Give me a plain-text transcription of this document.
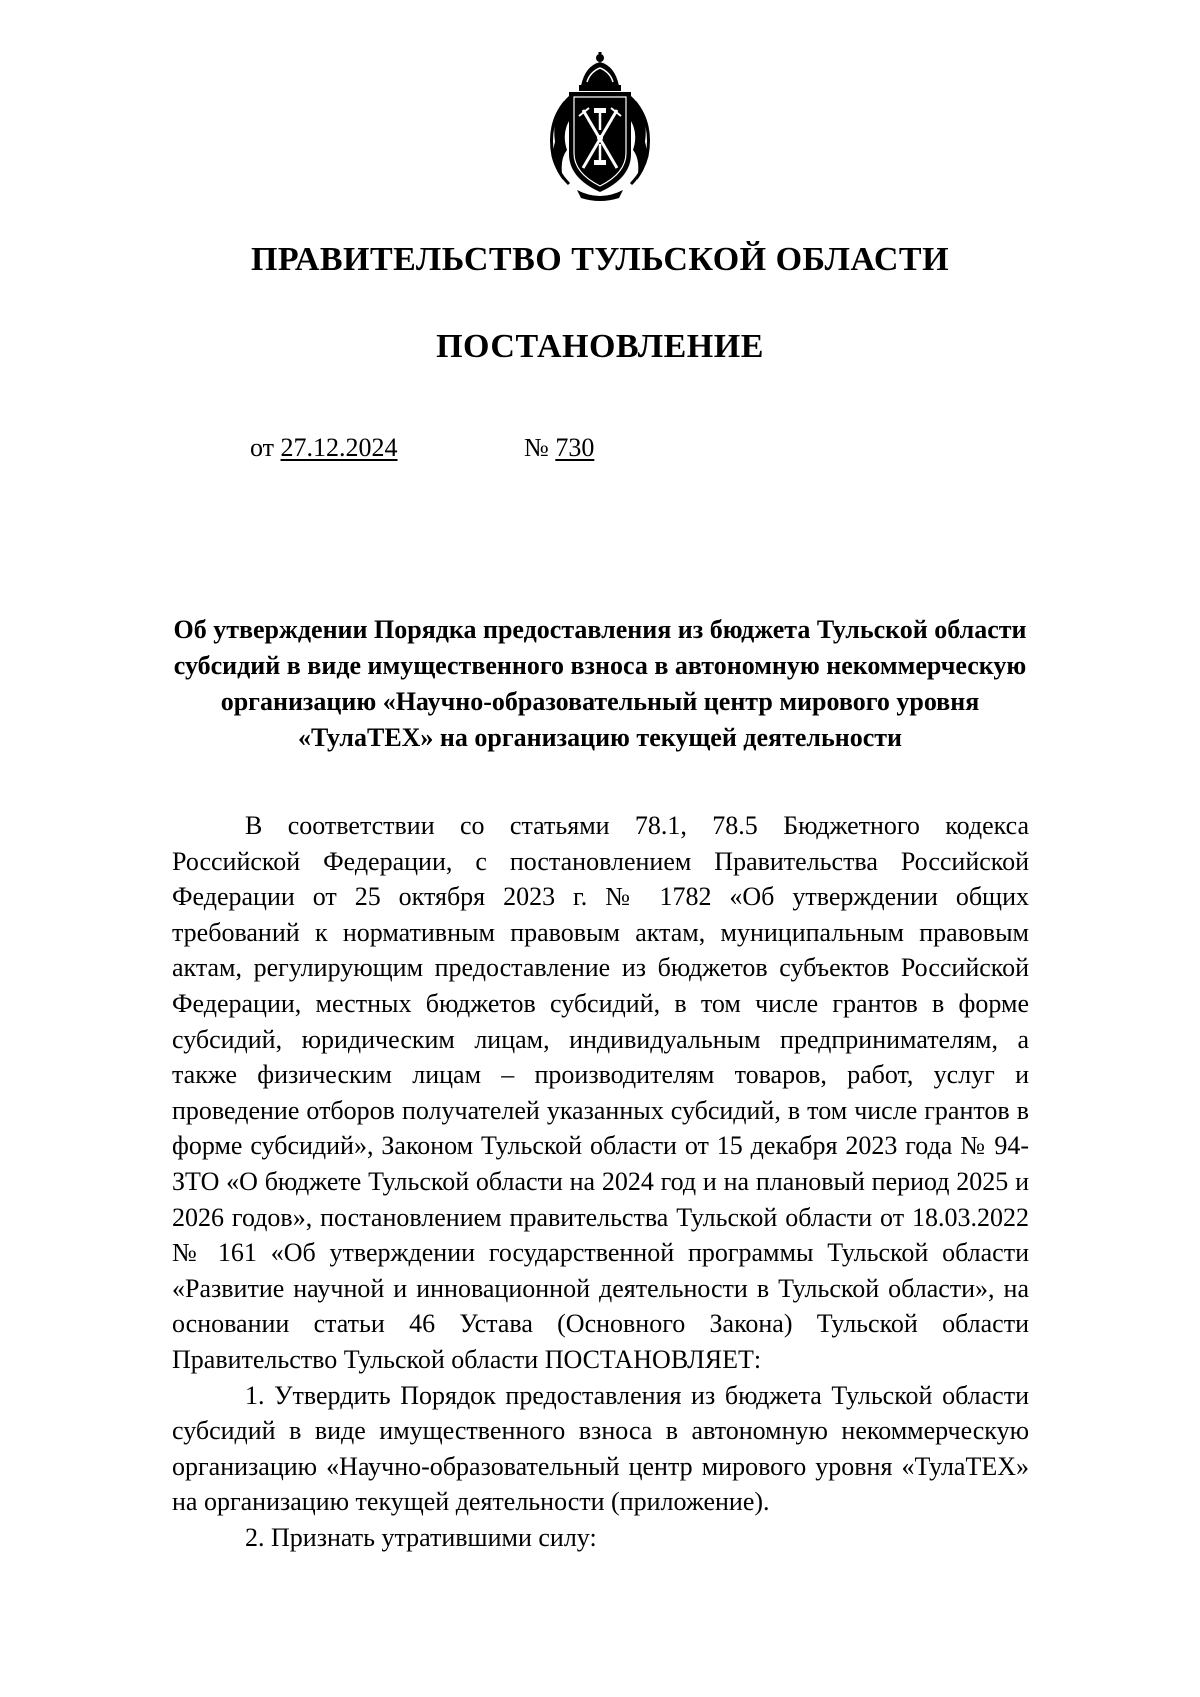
ПРАВИТЕЛЬСТВО ТУЛЬСКОЙ ОБЛАСТИ
ПОСТАНОВЛЕНИЕ
от 27.12.2024	№ 730
Об утверждении Порядка предоставления из бюджета Тульской области субсидий в виде имущественного взноса в автономную некоммерческую организацию «Научно-образовательный центр мирового уровня «ТулаТЕХ» на организацию текущей деятельности

В соответствии со статьями 78.1, 78.5 Бюджетного кодекса Российской Федерации, с постановлением Правительства Российской Федерации от 25 октября 2023 г. № 1782 «Об утверждении общих требований к нормативным правовым актам, муниципальным правовым актам, регулирующим предоставление из бюджетов субъектов Российской Федерации, местных бюджетов субсидий, в том числе грантов в форме субсидий, юридическим лицам, индивидуальным предпринимателям, а также физическим лицам – производителям товаров, работ, услуг и проведение отборов получателей указанных субсидий, в том числе грантов в форме субсидий», Законом Тульской области от 15 декабря 2023 года № 94-ЗТО «О бюджете Тульской области на 2024 год и на плановый период 2025 и 2026 годов», постановлением правительства Тульской области от 18.03.2022 № 161 «Об утверждении государственной программы Тульской области «Развитие научной и инновационной деятельности в Тульской области», на основании статьи 46 Устава (Основного Закона) Тульской области Правительство Тульской области ПОСТАНОВЛЯЕТ:

1. Утвердить Порядок предоставления из бюджета Тульской области субсидий в виде имущественного взноса в автономную некоммерческую организацию «Научно-образовательный центр мирового уровня «ТулаТЕХ» на организацию текущей деятельности (приложение).

2. Признать утратившими силу:
